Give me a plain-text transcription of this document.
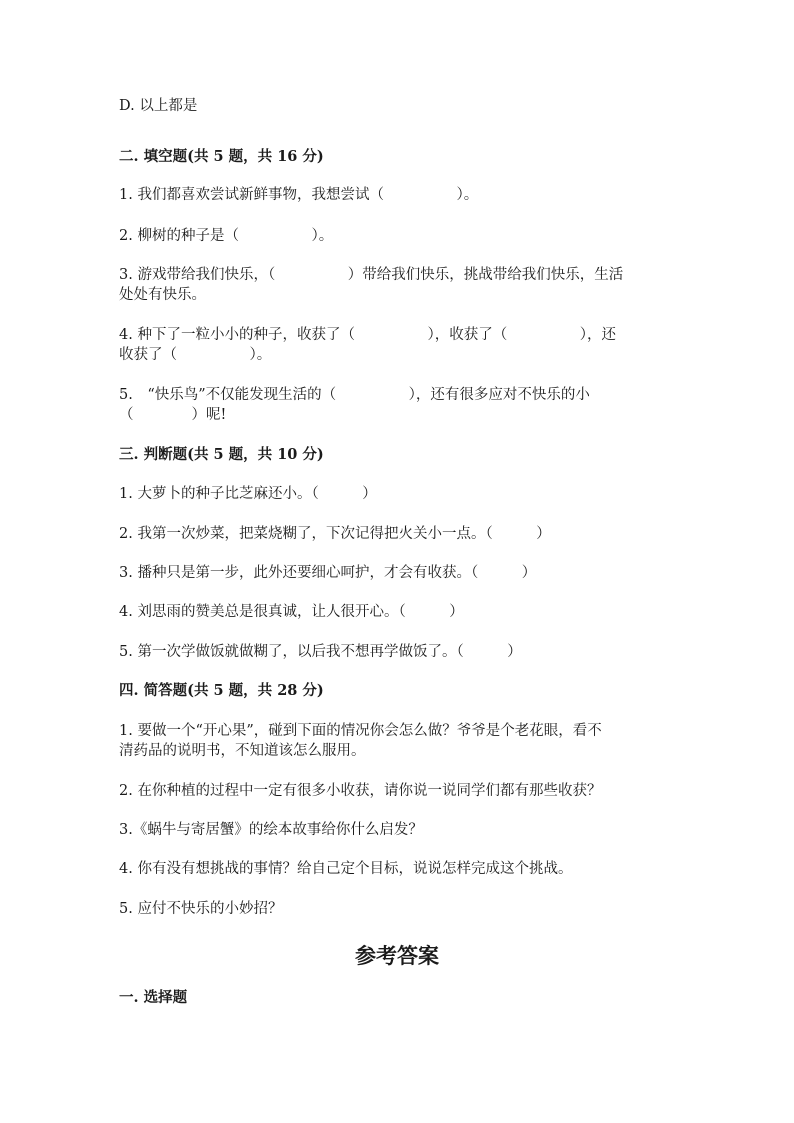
D. 以上都是

二. 填空题(共 5 题，共 16 分)

1. 我们都喜欢尝试新鲜事物，我想尝试（　　　　　）。

2. 柳树的种子是（　　　　　）。

3. 游戏带给我们快乐，（　　　　　）带给我们快乐，挑战带给我们快乐，生活
处处有快乐。

4. 种下了一粒小小的种子，收获了（　　　　　），收获了（　　　　　），还
收获了（　　　　　）。

5.　“快乐鸟”不仅能发现生活的（　　　　　），还有很多应对不快乐的小
（　　　　）呢!

三. 判断题(共 5 题，共 10 分)

1. 大萝卜的种子比芝麻还小。（　　　）

2. 我第一次炒菜，把菜烧糊了，下次记得把火关小一点。（　　　）

3. 播种只是第一步，此外还要细心呵护，才会有收获。（　　　）

4. 刘思雨的赞美总是很真诚，让人很开心。（　　　）

5. 第一次学做饭就做糊了，以后我不想再学做饭了。（　　　）

四. 简答题(共 5 题，共 28 分)

1. 要做一个“开心果”，碰到下面的情况你会怎么做？爷爷是个老花眼，看不
清药品的说明书，不知道该怎么服用。

2. 在你种植的过程中一定有很多小收获，请你说一说同学们都有那些收获？

3.《蜗牛与寄居蟹》的绘本故事给你什么启发？

4. 你有没有想挑战的事情？给自己定个目标，说说怎样完成这个挑战。

5. 应付不快乐的小妙招？

参考答案

一. 选择题
